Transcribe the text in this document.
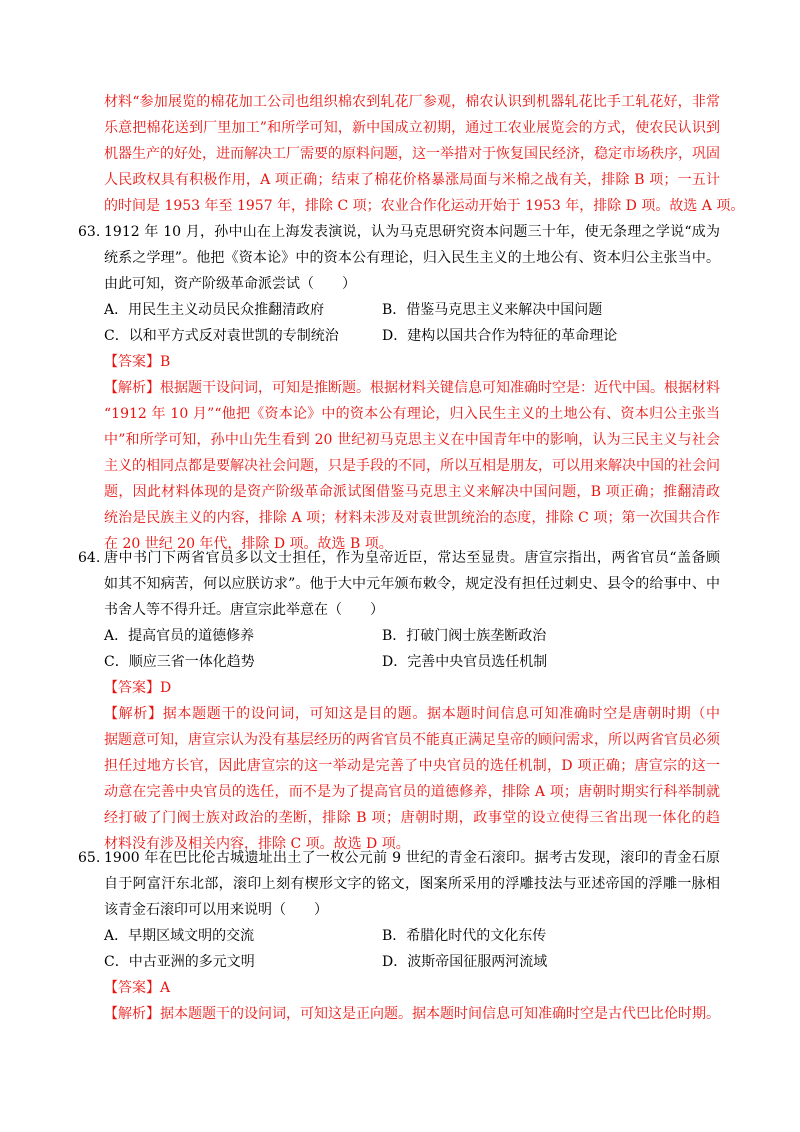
材料“参加展览的棉花加工公司也组织棉农到轧花厂参观，棉农认识到机器轧花比手工轧花好，非常
乐意把棉花送到厂里加工”和所学可知，新中国成立初期，通过工农业展览会的方式，使农民认识到
机器生产的好处，进而解决工厂需要的原料问题，这一举措对于恢复国民经济，稳定市场秩序，巩固
人民政权具有积极作用，A 项正确；结束了棉花价格暴涨局面与米棉之战有关，排除 B 项；一五计
的时间是 1953 年至 1957 年，排除 C 项；农业合作化运动开始于 1953 年，排除 D 项。故选 A 项。
63. 1912 年 10 月，孙中山在上海发表演说，认为马克思研究资本问题三十年，使无条理之学说“成为
统系之学理”。他把《资本论》中的资本公有理论，归入民生主义的土地公有、资本归公主张当中。
由此可知，资产阶级革命派尝试（　　）
A．用民生主义动员民众推翻清政府	B．借鉴马克思主义来解决中国问题
C．以和平方式反对袁世凯的专制统治	D．建构以国共合作为特征的革命理论
【答案】B
【解析】根据题干设问词，可知是推断题。根据材料关键信息可知准确时空是：近代中国。根据材料
“1912 年 10 月”“他把《资本论》中的资本公有理论，归入民生主义的土地公有、资本归公主张当
中”和所学可知，孙中山先生看到 20 世纪初马克思主义在中国青年中的影响，认为三民主义与社会
主义的相同点都是要解决社会问题，只是手段的不同，所以互相是朋友，可以用来解决中国的社会问
题，因此材料体现的是资产阶级革命派试图借鉴马克思主义来解决中国问题，B 项正确；推翻清政
统治是民族主义的内容，排除 A 项；材料未涉及对袁世凯统治的态度，排除 C 项；第一次国共合作
在 20 世纪 20 年代，排除 D 项。故选 B 项。
64. 唐中书门下两省官员多以文士担任，作为皇帝近臣，常达至显贵。唐宣宗指出，两省官员“盖备顾
如其不知病苦，何以应朕访求”。他于大中元年颁布敕令，规定没有担任过刺史、县令的给事中、中
书舍人等不得升迁。唐宣宗此举意在（　　）
A．提高官员的道德修养	B．打破门阀士族垄断政治
C．顺应三省一体化趋势	D．完善中央官员选任机制
【答案】D
【解析】据本题题干的设问词，可知这是目的题。据本题时间信息可知准确时空是唐朝时期（中
据题意可知，唐宣宗认为没有基层经历的两省官员不能真正满足皇帝的顾问需求，所以两省官员必须
担任过地方长官，因此唐宣宗的这一举动是完善了中央官员的选任机制，D 项正确；唐宣宗的这一
动意在完善中央官员的选任，而不是为了提高官员的道德修养，排除 A 项；唐朝时期实行科举制就
经打破了门阀士族对政治的垄断，排除 B 项；唐朝时期，政事堂的设立使得三省出现一体化的趋
材料没有涉及相关内容，排除 C 项。故选 D 项。
65. 1900 年在巴比伦古城遗址出土了一枚公元前 9 世纪的青金石滚印。据考古发现，滚印的青金石原
自于阿富汗东北部，滚印上刻有楔形文字的铭文，图案所采用的浮雕技法与亚述帝国的浮雕一脉相
该青金石滚印可以用来说明（　　）
A．早期区域文明的交流	B．希腊化时代的文化东传
C．中古亚洲的多元文明	D．波斯帝国征服两河流域
【答案】A
【解析】据本题题干的设问词，可知这是正向题。据本题时间信息可知准确时空是古代巴比伦时期。
